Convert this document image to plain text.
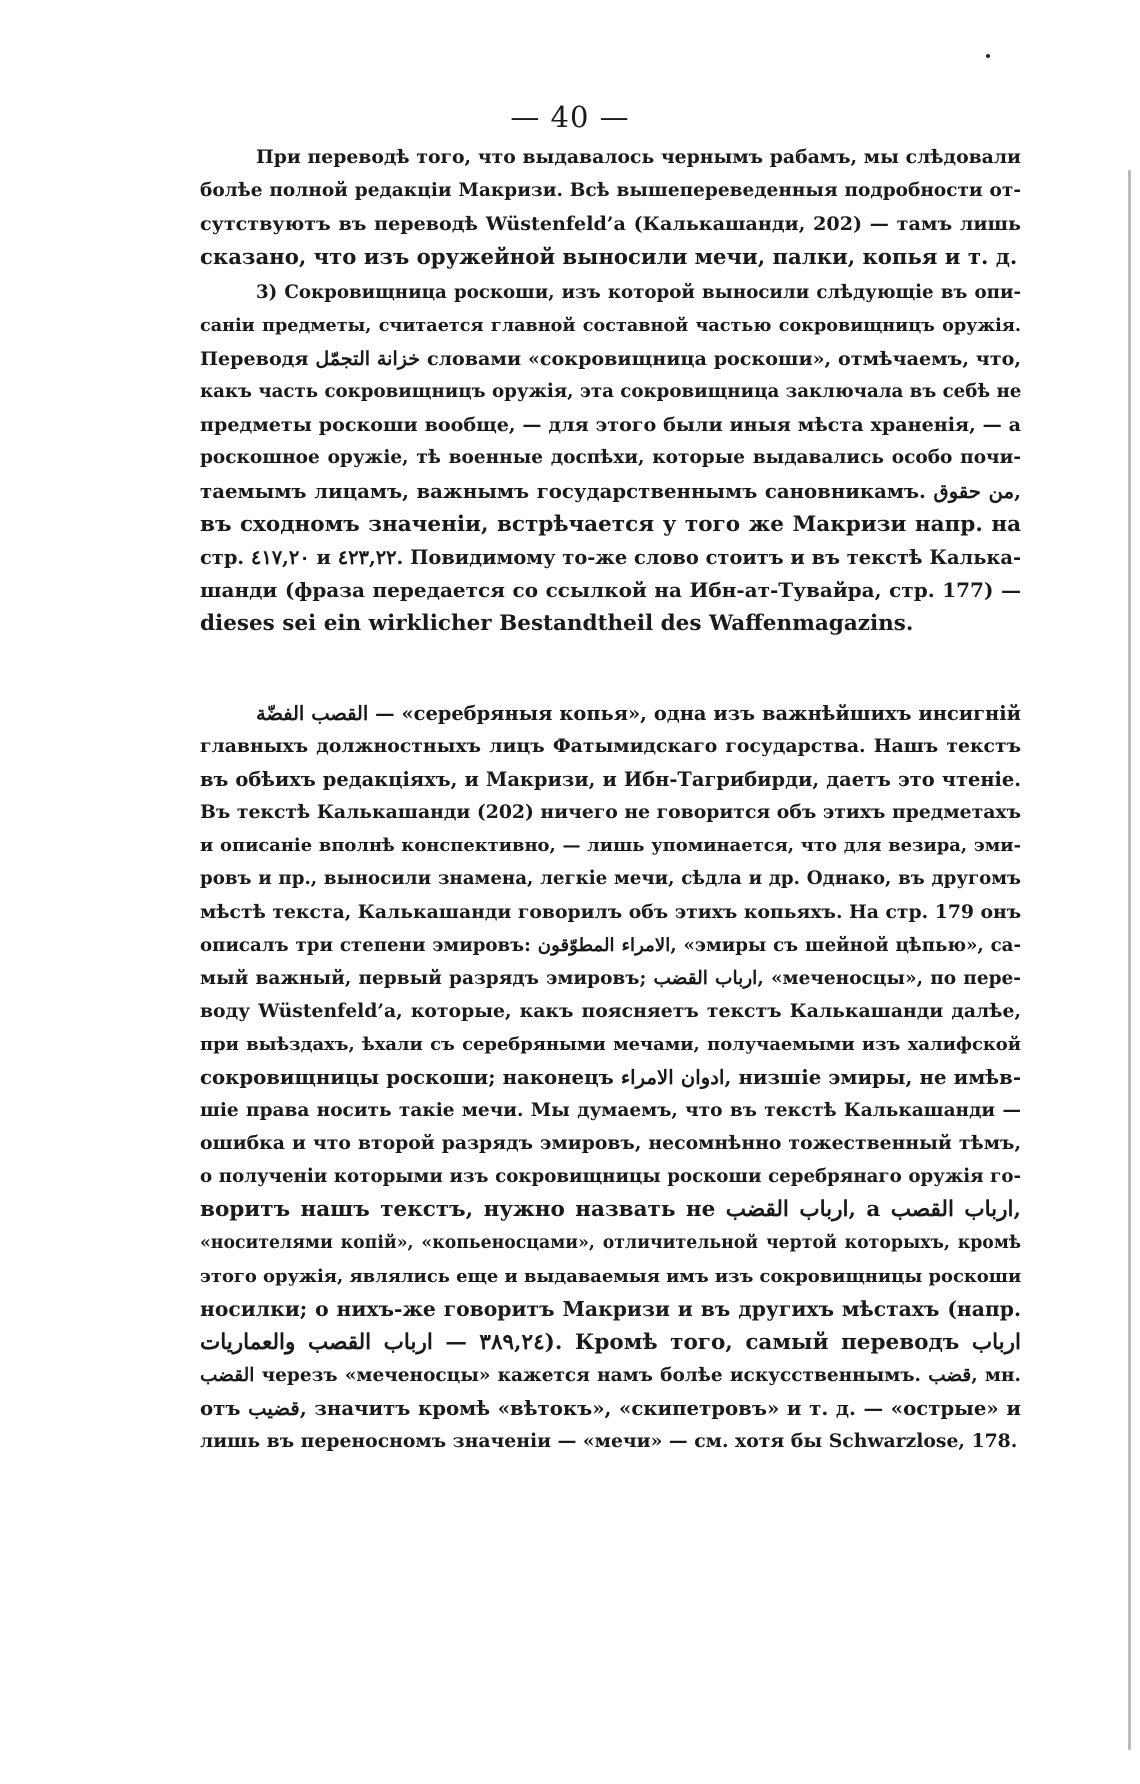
— 40 —
При переводѣ того, что выдавалось чернымъ рабамъ, мы слѣдовали
болѣе полной редакціи Макризи. Всѣ вышепереведенныя подробности от-
сутствуютъ въ переводѣ Wüstenfeld’a (Калькашанди, 202) — тамъ лишь
сказано, что изъ оружейной выносили мечи, палки, копья и т. д.
3) Сокровищница роскоши, изъ которой выносили слѣдующіе въ опи-
саніи предметы, считается главной составной частью сокровищницъ оружія.
Переводя خزانة التجمّل словами «сокровищница роскоши», отмѣчаемъ, что,
какъ часть сокровищницъ оружія, эта сокровищница заключала въ себѣ не
предметы роскоши вообще, — для этого были иныя мѣста храненія, — а
роскошное оружіе, тѣ военные доспѣхи, которые выдавались особо почи-
таемымъ лицамъ, важнымъ государственнымъ сановникамъ. من حقوق,
въ сходномъ значеніи, встрѣчается у того же Макризи напр. на
стр. ٤١٧,٢٠ и ٤٢٣,٢٢. Повидимому то-же слово стоитъ и въ текстѣ Калька-
шанди (фраза передается со ссылкой на Ибн-ат-Тувайра, стр. 177) —
dieses sei ein wirklicher Bestandtheil des Waffenmagazins.
القصب الفضّة — «серебряныя копья», одна изъ важнѣйшихъ инсигній
главныхъ должностныхъ лицъ Фатымидскаго государства. Нашъ текстъ
въ обѣихъ редакціяхъ, и Макризи, и Ибн-Тагрибирди, даетъ это чтеніе.
Въ текстѣ Калькашанди (202) ничего не говорится объ этихъ предметахъ
и описаніе вполнѣ конспективно, — лишь упоминается, что для везира, эми-
ровъ и пр., выносили знамена, легкіе мечи, сѣдла и др. Однако, въ другомъ
мѣстѣ текста, Калькашанди говорилъ объ этихъ копьяхъ. На стр. 179 онъ
описалъ три степени эмировъ: الامراء المطوّقون, «эмиры съ шейной цѣпью», са-
мый важный, первый разрядъ эмировъ; ارباب القضب, «меченосцы», по пере-
воду Wüstenfeld’a, которые, какъ поясняетъ текстъ Калькашанди далѣе,
при выѣздахъ, ѣхали съ серебряными мечами, получаемыми изъ халифской
сокровищницы роскоши; наконецъ ادوان الامراء, низшіе эмиры, не имѣв-
шіе права носить такіе мечи. Мы думаемъ, что въ текстѣ Калькашанди —
ошибка и что второй разрядъ эмировъ, несомнѣнно тожественный тѣмъ,
о полученіи которыми изъ сокровищницы роскоши серебрянаго оружія го-
воритъ нашъ текстъ, нужно назвать не ارباب القضب, а ارباب القصب,
«носителями копій», «копьеносцами», отличительной чертой которыхъ, кромѣ
этого оружія, являлись еще и выдаваемыя имъ изъ сокровищницы роскоши
носилки; о нихъ-же говоритъ Макризи и въ другихъ мѣстахъ (напр.
٣٨٩,٢٤ — ارباب القصب والعماريات). Кромѣ того, самый переводъ ارباب
القضب черезъ «меченосцы» кажется намъ болѣе искусственнымъ. قضب, мн.
отъ قضيب, значитъ кромѣ «вѣтокъ», «скипетровъ» и т. д. — «острые» и
лишь въ переносномъ значеніи — «мечи» — см. хотя бы Schwarzlose, 178.
